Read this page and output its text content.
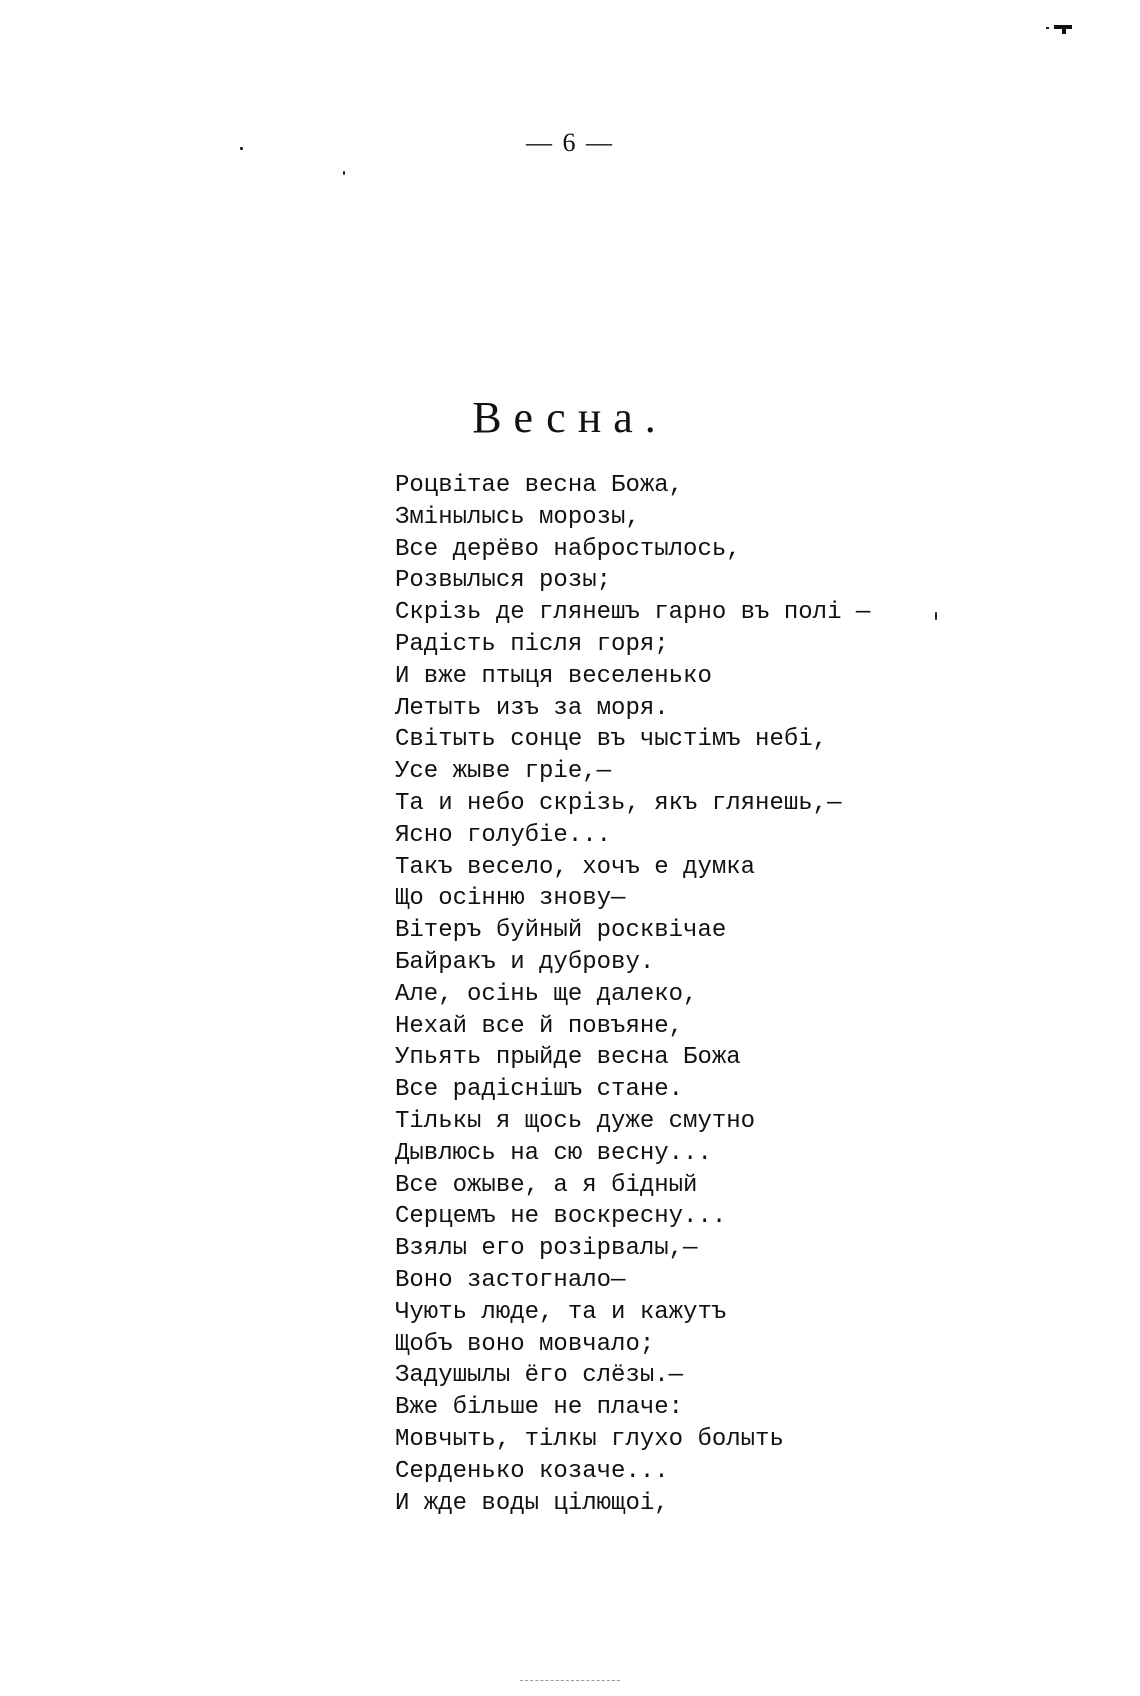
— 6 —
Весна.
Роцвітае весна Божа,
Змінылысь морозы,
Все дерёво набростылось,
Розвылыся розы;
Скрізь де глянешъ гарно въ полі —
Радість після горя;
И вже птыця веселенько
Летыть изъ за моря.
Світыть сонце въ чыстімъ небі,
Усе жыве гріе,—
Та и небо скрізь, якъ глянешь,—
Ясно голубіе...
Такъ весело, хочъ е думка
Що осінню знову—
Вітеръ буйный росквічае
Байракъ и дуброву.
Але, осінь ще далеко,
Нехай все й повъяне,
Упьять прыйде весна Божа
Все радіснішъ стане.
Тількы я щось дуже смутно
Дывлюсь на сю весну...
Все ожыве, а я бідный
Серцемъ не воскресну...
Взялы его розірвалы,—
Воно застогнало—
Чують люде, та и кажутъ
Щобъ воно мовчало;
Задушылы ёго слёзы.—
Вже більше не плаче:
Мовчыть, тілкы глухо болыть
Серденько козаче...
И жде воды цілющоі,
